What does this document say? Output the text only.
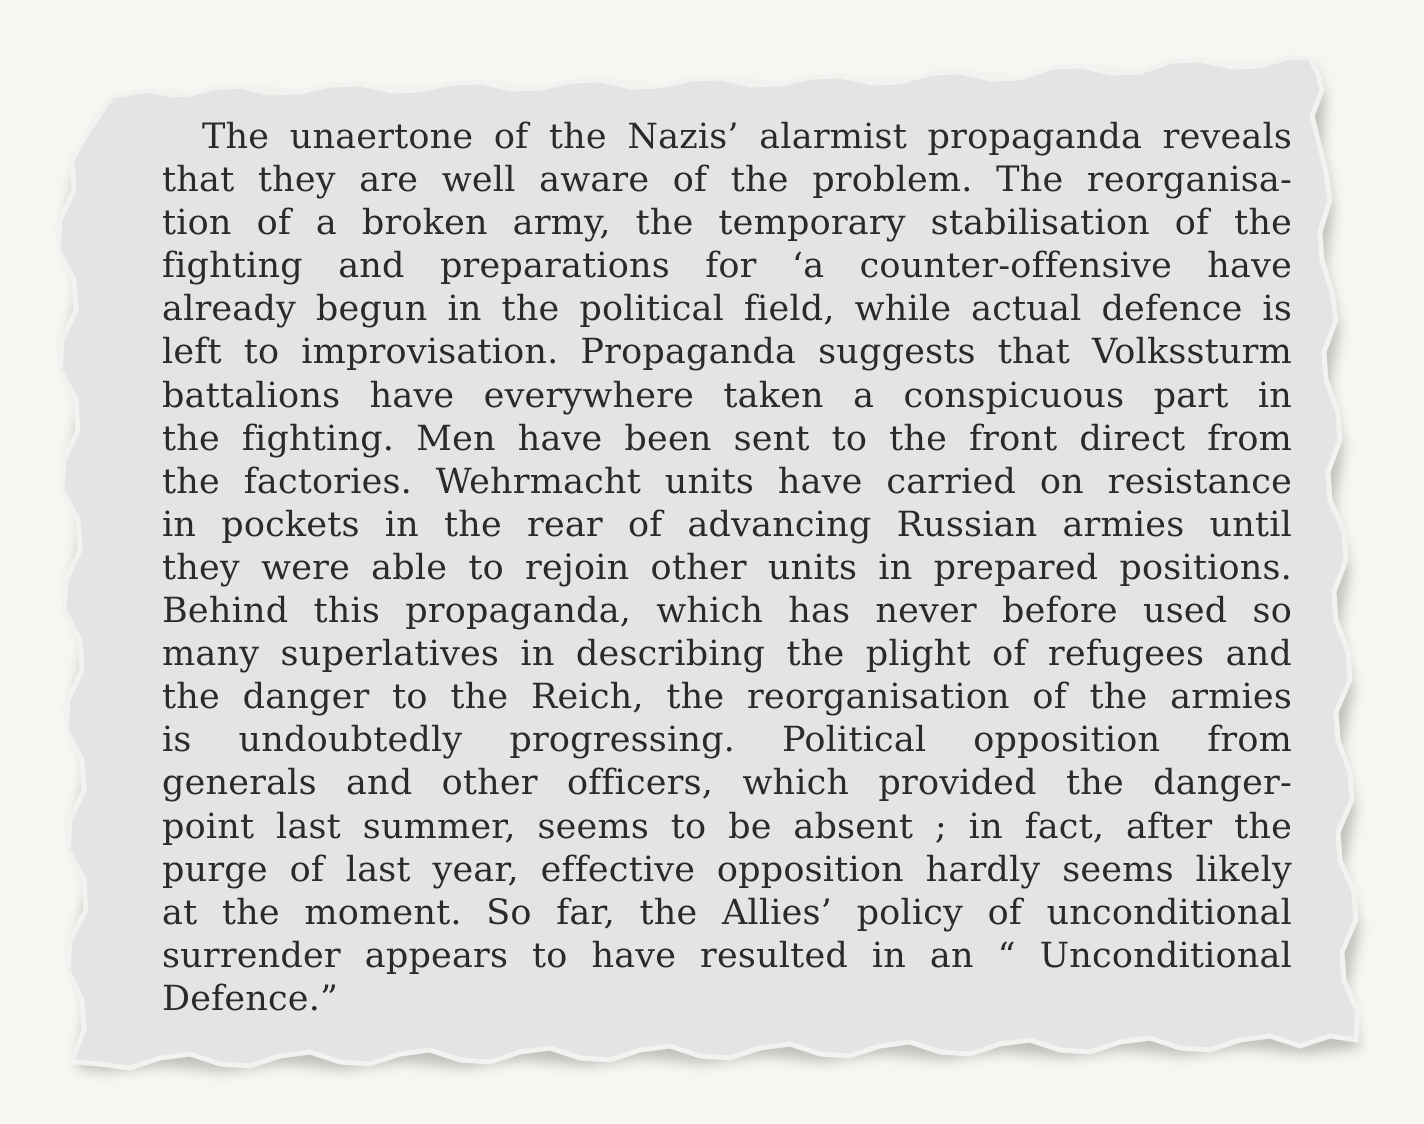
The unaertone of the Nazis’ alarmist propaganda reveals
that they are well aware of the problem. The reorganisa-
tion of a broken army, the temporary stabilisation of the
fighting and preparations for ‘a counter-offensive have
already begun in the political field, while actual defence is
left to improvisation. Propaganda suggests that Volkssturm
battalions have everywhere taken a conspicuous part in
the fighting. Men have been sent to the front direct from
the factories. Wehrmacht units have carried on resistance
in pockets in the rear of advancing Russian armies until
they were able to rejoin other units in prepared positions.
Behind this propaganda, which has never before used so
many superlatives in describing the plight of refugees and
the danger to the Reich, the reorganisation of the armies
is undoubtedly progressing. Political opposition from
generals and other officers, which provided the danger-
point last summer, seems to be absent ; in fact, after the
purge of last year, effective opposition hardly seems likely
at the moment. So far, the Allies’ policy of unconditional
surrender appears to have resulted in an “ Unconditional
Defence.”
